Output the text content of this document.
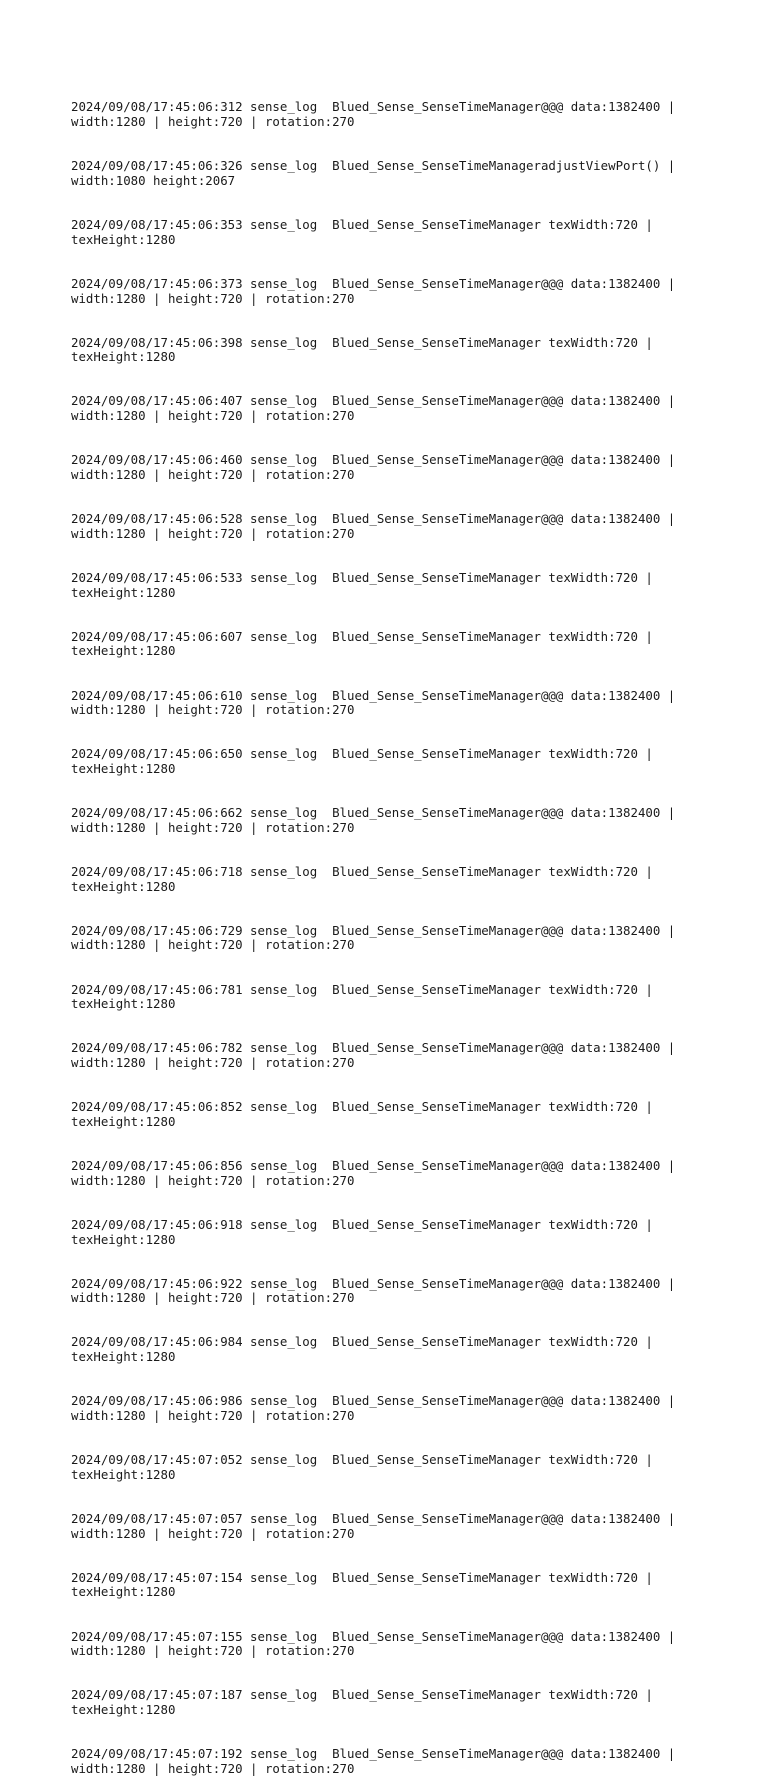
2024/09/08/17:45:06:312 sense_log  Blued_Sense_SenseTimeManager@@@ data:1382400 | width:1280 | height:720 | rotation:270

2024/09/08/17:45:06:326 sense_log  Blued_Sense_SenseTimeManageradjustViewPort() | width:1080 height:2067

2024/09/08/17:45:06:353 sense_log  Blued_Sense_SenseTimeManager texWidth:720 | texHeight:1280

2024/09/08/17:45:06:373 sense_log  Blued_Sense_SenseTimeManager@@@ data:1382400 | width:1280 | height:720 | rotation:270

2024/09/08/17:45:06:398 sense_log  Blued_Sense_SenseTimeManager texWidth:720 | texHeight:1280

2024/09/08/17:45:06:407 sense_log  Blued_Sense_SenseTimeManager@@@ data:1382400 | width:1280 | height:720 | rotation:270

2024/09/08/17:45:06:460 sense_log  Blued_Sense_SenseTimeManager@@@ data:1382400 | width:1280 | height:720 | rotation:270

2024/09/08/17:45:06:528 sense_log  Blued_Sense_SenseTimeManager@@@ data:1382400 | width:1280 | height:720 | rotation:270

2024/09/08/17:45:06:533 sense_log  Blued_Sense_SenseTimeManager texWidth:720 | texHeight:1280

2024/09/08/17:45:06:607 sense_log  Blued_Sense_SenseTimeManager texWidth:720 | texHeight:1280

2024/09/08/17:45:06:610 sense_log  Blued_Sense_SenseTimeManager@@@ data:1382400 | width:1280 | height:720 | rotation:270

2024/09/08/17:45:06:650 sense_log  Blued_Sense_SenseTimeManager texWidth:720 | texHeight:1280

2024/09/08/17:45:06:662 sense_log  Blued_Sense_SenseTimeManager@@@ data:1382400 | width:1280 | height:720 | rotation:270

2024/09/08/17:45:06:718 sense_log  Blued_Sense_SenseTimeManager texWidth:720 | texHeight:1280

2024/09/08/17:45:06:729 sense_log  Blued_Sense_SenseTimeManager@@@ data:1382400 | width:1280 | height:720 | rotation:270

2024/09/08/17:45:06:781 sense_log  Blued_Sense_SenseTimeManager texWidth:720 | texHeight:1280

2024/09/08/17:45:06:782 sense_log  Blued_Sense_SenseTimeManager@@@ data:1382400 | width:1280 | height:720 | rotation:270

2024/09/08/17:45:06:852 sense_log  Blued_Sense_SenseTimeManager texWidth:720 | texHeight:1280

2024/09/08/17:45:06:856 sense_log  Blued_Sense_SenseTimeManager@@@ data:1382400 | width:1280 | height:720 | rotation:270

2024/09/08/17:45:06:918 sense_log  Blued_Sense_SenseTimeManager texWidth:720 | texHeight:1280

2024/09/08/17:45:06:922 sense_log  Blued_Sense_SenseTimeManager@@@ data:1382400 | width:1280 | height:720 | rotation:270

2024/09/08/17:45:06:984 sense_log  Blued_Sense_SenseTimeManager texWidth:720 | texHeight:1280

2024/09/08/17:45:06:986 sense_log  Blued_Sense_SenseTimeManager@@@ data:1382400 | width:1280 | height:720 | rotation:270

2024/09/08/17:45:07:052 sense_log  Blued_Sense_SenseTimeManager texWidth:720 | texHeight:1280

2024/09/08/17:45:07:057 sense_log  Blued_Sense_SenseTimeManager@@@ data:1382400 | width:1280 | height:720 | rotation:270

2024/09/08/17:45:07:154 sense_log  Blued_Sense_SenseTimeManager texWidth:720 | texHeight:1280

2024/09/08/17:45:07:155 sense_log  Blued_Sense_SenseTimeManager@@@ data:1382400 | width:1280 | height:720 | rotation:270

2024/09/08/17:45:07:187 sense_log  Blued_Sense_SenseTimeManager texWidth:720 | texHeight:1280

2024/09/08/17:45:07:192 sense_log  Blued_Sense_SenseTimeManager@@@ data:1382400 | width:1280 | height:720 | rotation:270
